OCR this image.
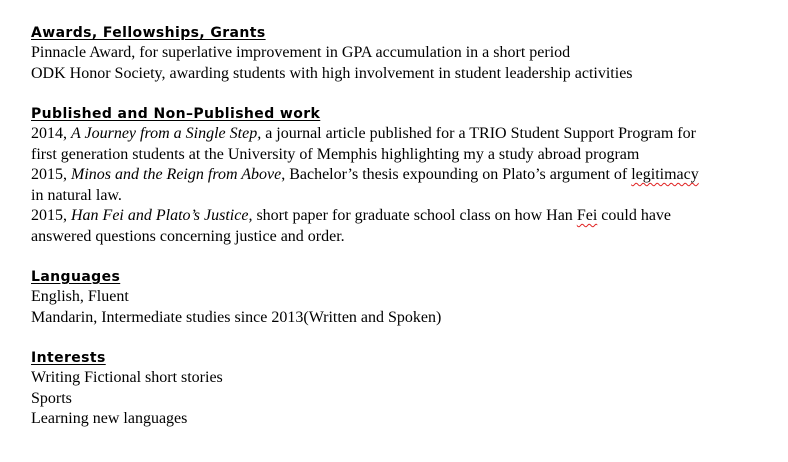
Awards, Fellowships, Grants
Pinnacle Award, for superlative improvement in GPA accumulation in a short period
ODK Honor Society, awarding students with high involvement in student leadership activities
Published and Non–Published work
2014, A Journey from a Single Step, a journal article published for a TRIO Student Support Program for
first generation students at the University of Memphis highlighting my a study abroad program
2015, Minos and the Reign from Above, Bachelor’s thesis expounding on Plato’s argument of legitimacy
in natural law.
2015, Han Fei and Plato’s Justice, short paper for graduate school class on how Han Fei could have
answered questions concerning justice and order.
Languages
English, Fluent
Mandarin, Intermediate studies since 2013(Written and Spoken)
Interests
Writing Fictional short stories
Sports
Learning new languages
